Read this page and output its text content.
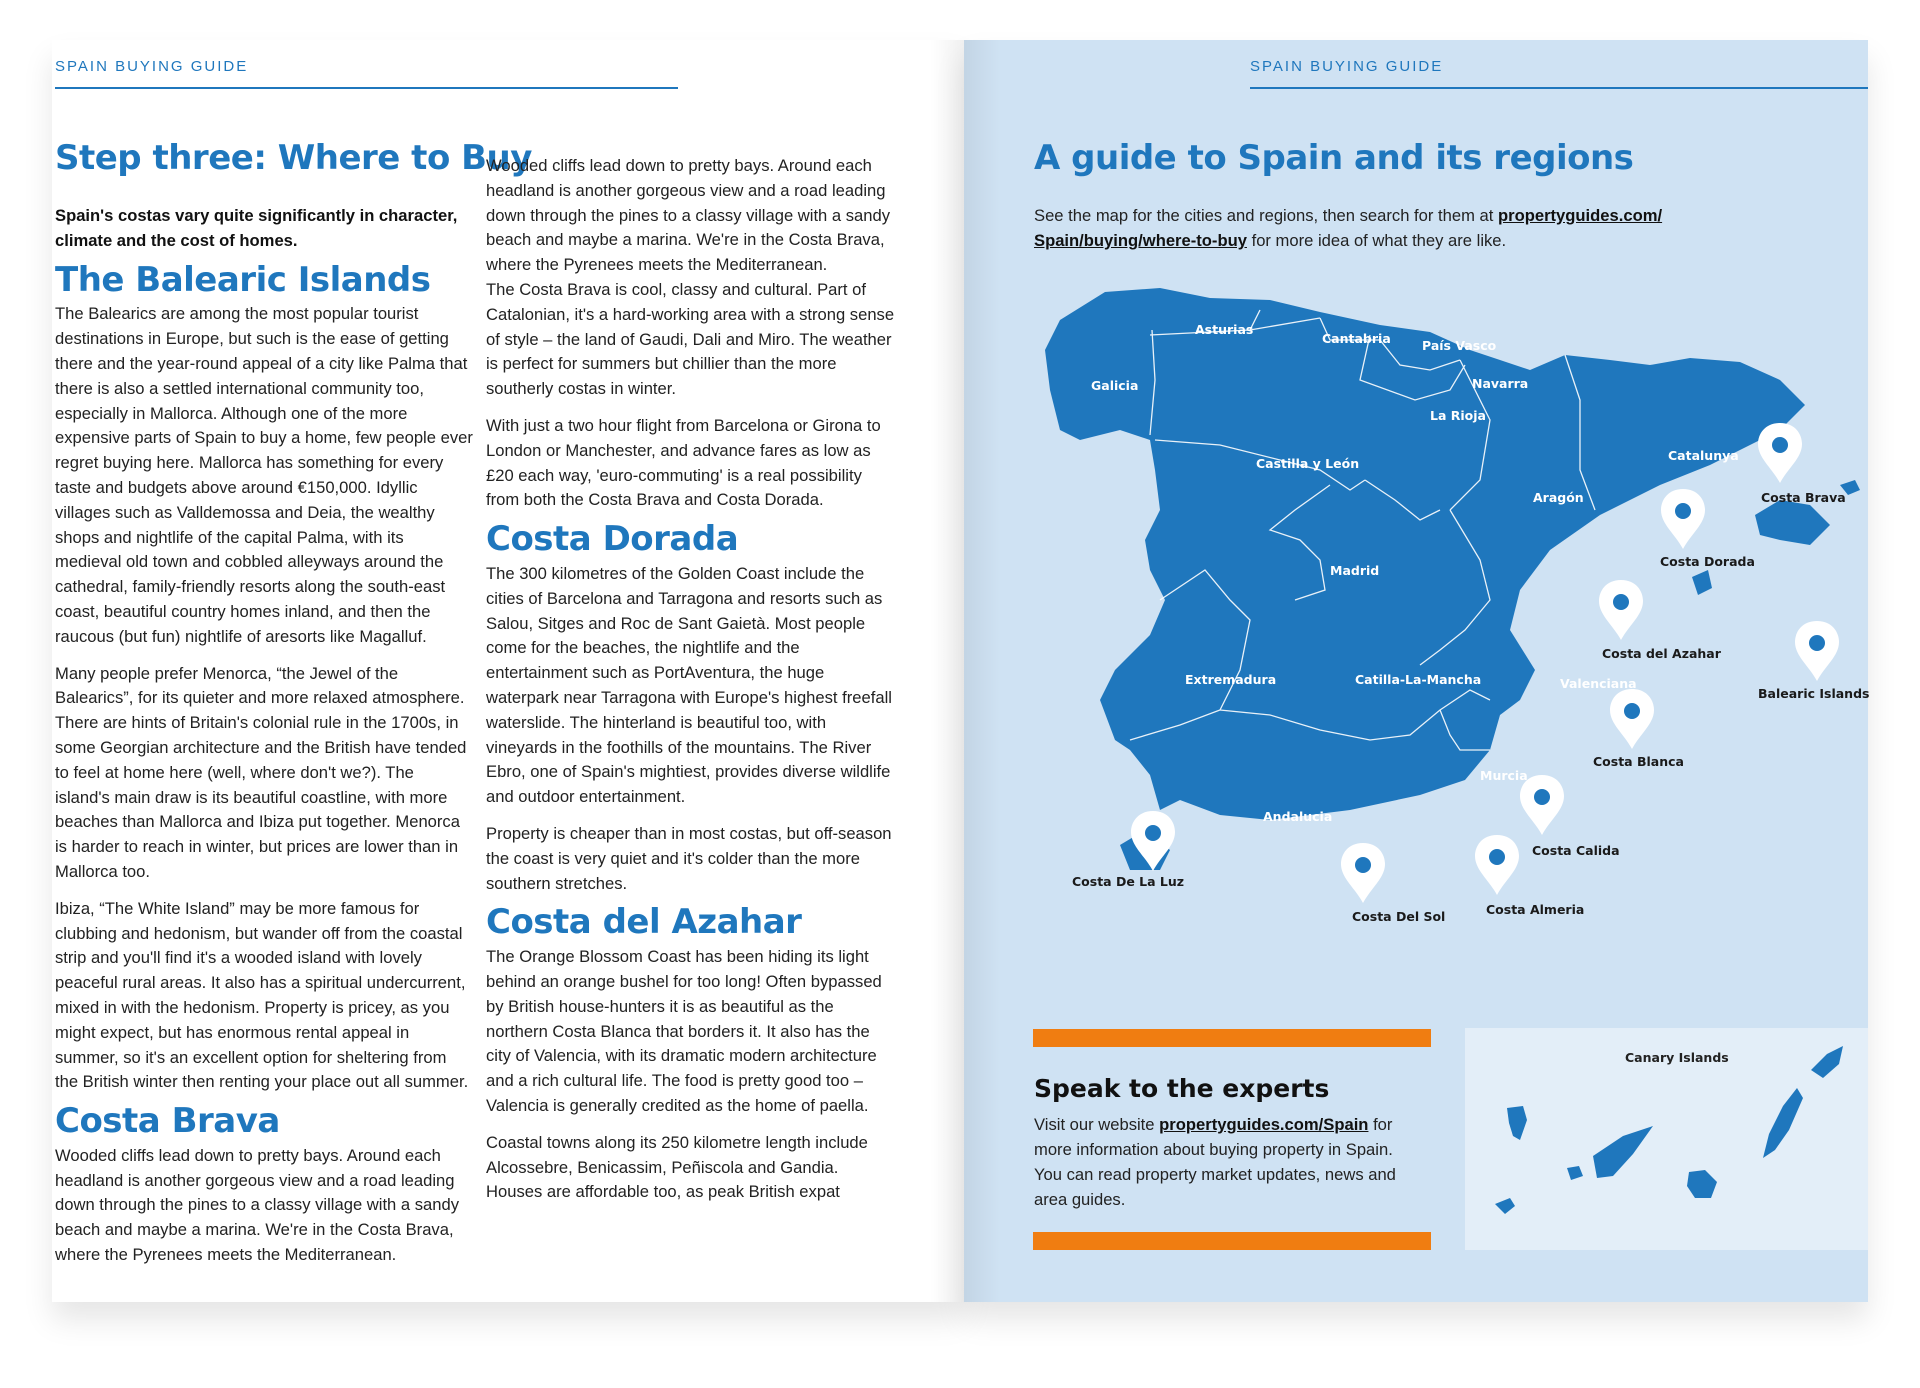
SPAIN BUYING GUIDE
Step three: Where to Buy

Spain's costas vary quite significantly in character, climate and the cost of homes.

The Balearic Islands

The Balearics are among the most popular tourist destinations in Europe, but such is the ease of getting there and the year-round appeal of a city like Palma that there is also a settled international community too, especially in Mallorca. Although one of the more expensive parts of Spain to buy a home, few people ever regret buying here. Mallorca has something for every taste and budgets above around €150,000. Idyllic villages such as Valldemossa and Deia, the wealthy shops and nightlife of the capital Palma, with its medieval old town and cobbled alleyways around the cathedral, family-friendly resorts along the south-east coast, beautiful country homes inland, and then the raucous (but fun) nightlife of aresorts like Magalluf.

Many people prefer Menorca, “the Jewel of the Balearics”, for its quieter and more relaxed atmosphere. There are hints of Britain's colonial rule in the 1700s, in some Georgian architecture and the British have tended to feel at home here (well, where don't we?). The island's main draw is its beautiful coastline, with more beaches than Mallorca and Ibiza put together. Menorca is harder to reach in winter, but prices are lower than in Mallorca too.

Ibiza, “The White Island” may be more famous for clubbing and hedonism, but wander off from the coastal strip and you'll find it's a wooded island with lovely peaceful rural areas. It also has a spiritual undercurrent, mixed in with the hedonism. Property is pricey, as you might expect, but has enormous rental appeal in summer, so it's an excellent option for sheltering from the British winter then renting your place out all summer.

Costa Brava

Wooded cliffs lead down to pretty bays. Around each headland is another gorgeous view and a road leading down through the pines to a classy village with a sandy beach and maybe a marina. We're in the Costa Brava, where the Pyrenees meets the Mediterranean.

Wooded cliffs lead down to pretty bays. Around each headland is another gorgeous view and a road leading down through the pines to a classy village with a sandy beach and maybe a marina. We're in the Costa Brava, where the Pyrenees meets the Mediterranean.

The Costa Brava is cool, classy and cultural. Part of Catalonian, it's a hard-working area with a strong sense of style – the land of Gaudi, Dali and Miro. The weather is perfect for summers but chillier than the more southerly costas in winter.

With just a two hour flight from Barcelona or Girona to London or Manchester, and advance fares as low as £20 each way, 'euro-commuting' is a real possibility from both the Costa Brava and Costa Dorada.

Costa Dorada

The 300 kilometres of the Golden Coast include the cities of Barcelona and Tarragona and resorts such as Salou, Sitges and Roc de Sant Gaietà. Most people come for the beaches, the nightlife and the entertainment such as PortAventura, the huge waterpark near Tarragona with Europe's highest freefall waterslide. The hinterland is beautiful too, with vineyards in the foothills of the mountains. The River Ebro, one of Spain's mightiest, provides diverse wildlife and outdoor entertainment.

Property is cheaper than in most costas, but off-season the coast is very quiet and it's colder than the more southern stretches.

Costa del Azahar

The Orange Blossom Coast has been hiding its light behind an orange bushel for too long! Often bypassed by British house-hunters it is as beautiful as the northern Costa Blanca that borders it. It also has the city of Valencia, with its dramatic modern architecture and a rich cultural life. The food is pretty good too – Valencia is generally credited as the home of paella.

Coastal towns along its 250 kilometre length include Alcossebre, Benicassim, Peñiscola and Gandia. Houses are affordable too, as peak British expat

SPAIN BUYING GUIDE
A guide to Spain and its regions
See the map for the cities and regions, then search for them at propertyguides.com/ Spain/buying/where-to-buy for more idea of what they are like.
Galicia
Asturias
Cantabria	País Vasco
Navarra
La Rioja
Castilla y León
Aragón
Catalunya
Madrid
Extremadura	Catilla-La-Mancha	Valenciana
Murcia
Andalucia
Costa Brava
Costa Dorada
Costa del Azahar
Balearic Islands
Costa Blanca
Costa Calida
Costa Almeria
Costa Del Sol
Costa De La Luz
Speak to the experts
Visit our website propertyguides.com/Spain for more information about buying property in Spain. You can read property market updates, news and area guides.
Canary Islands
